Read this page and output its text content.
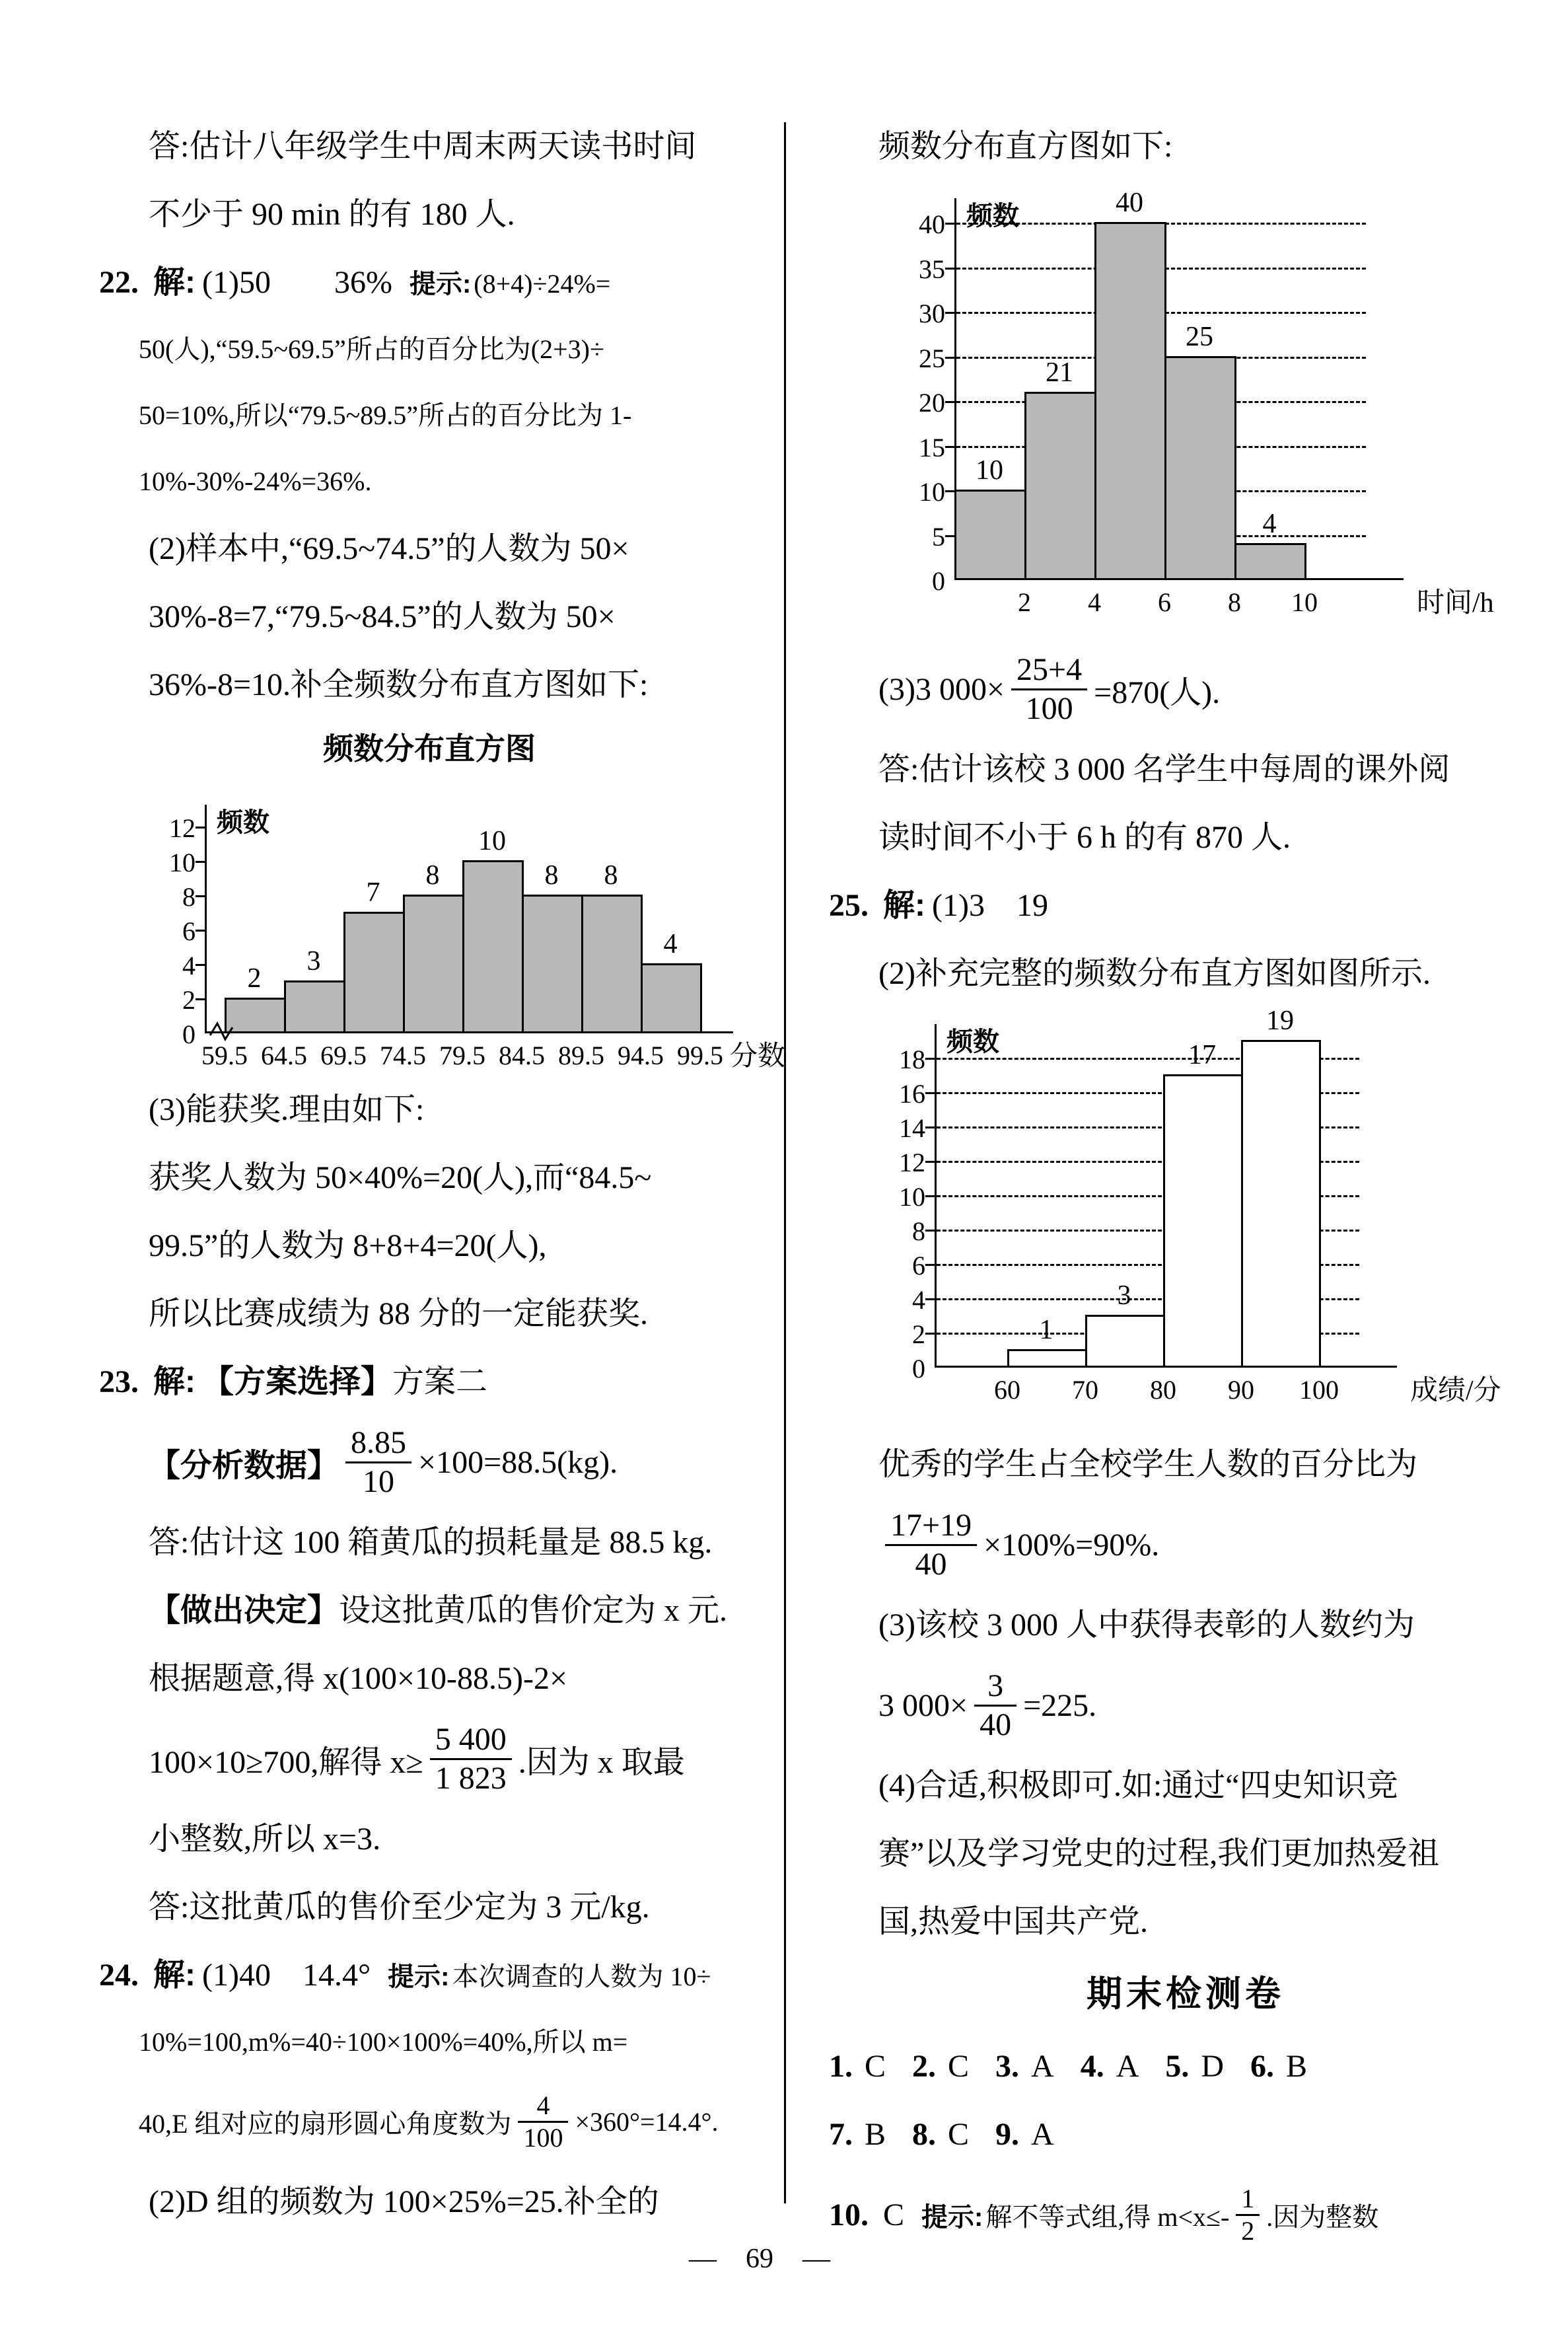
答:估计八年级学生中周末两天读书时间
不少于 90 min 的有 180 人.
22. 解: (1)50　　36% 提示: (8+4)÷24%=
50(人),“59.5~69.5”所占的百分比为(2+3)÷
50=10%,所以“79.5~89.5”所占的百分比为 1-
10%-30%-24%=36%.
(2)样本中,“69.5~74.5”的人数为 50×
30%-8=7,“79.5~84.5”的人数为 50×
36%-8=10.补全频数分布直方图如下:
频数分布直方图
0
2
4
6
8
10
12
2
3
7
8
10
8	8
4
59.5 64.5 69.5 74.5 79.5 84.5 89.5 94.5 99.5
频数
分数
(3)能获奖.理由如下:
获奖人数为 50×40%=20(人),而“84.5~
99.5”的人数为 8+8+4=20(人),
所以比赛成绩为 88 分的一定能获奖.
23. 解: 【方案选择】方案二
【分析数据】 $\frac{8.85}{10} \times 100=88.5(kg)$.
答:估计这 100 箱黄瓜的损耗量是 88.5 kg.
【做出决定】设这批黄瓜的售价定为 x 元.
根据题意,得 x(100×10-88.5)-2×
100×10≥700,解得 $x\ge \frac{5 400}{1 823}$ .因为 x 取最
小整数,所以 x=3.
答:这批黄瓜的售价至少定为 3 元/kg.
24. 解: (1)40　14.4° 提示: 本次调查的人数为 10÷
10%=100,m%=40÷100×100%=40%,所以 m=
40,E 组对应的扇形圆心角度数为 $\frac{4}{100} \times 360^\circ=14.4^\circ$.
(2)D 组的频数为 100×25%=25.补全的
频数分布直方图如下:
0
5
10
15
20
25
30
35
40
10
21
40
25
4
2	4	6	8	10
频数
时间/h
(3)3 $000\times \frac{25+4}{100} =870$(人).
答:估计该校 3 000 名学生中每周的课外阅
读时间不小于 6 h 的有 870 人.
25. 解: (1)3　19
(2)补充完整的频数分布直方图如图所示.
0
2
4
6
8
10
12
14
16
18
1
3
17
19
60	70	80	90	100
频数
成绩/分
优秀的学生占全校学生人数的百分比为
$\frac{17+19}{40} \times 100\%=90\%$.
(3)该校 3 000 人中获得表彰的人数约为
3 $000\times \frac{3}{40} =225$.
(4)合适,积极即可.如:通过“四史知识竞
赛”以及学习党史的过程,我们更加热爱祖
国,热爱中国共产党.
期末检测卷
1. C 2. C 3. A 4. A 5. D 6. B
7. B 8. C 9. A
10. C 提示: 解不等式组,得 $m<x\le- \frac{1}{2}$ .因为整数
— 69 —
